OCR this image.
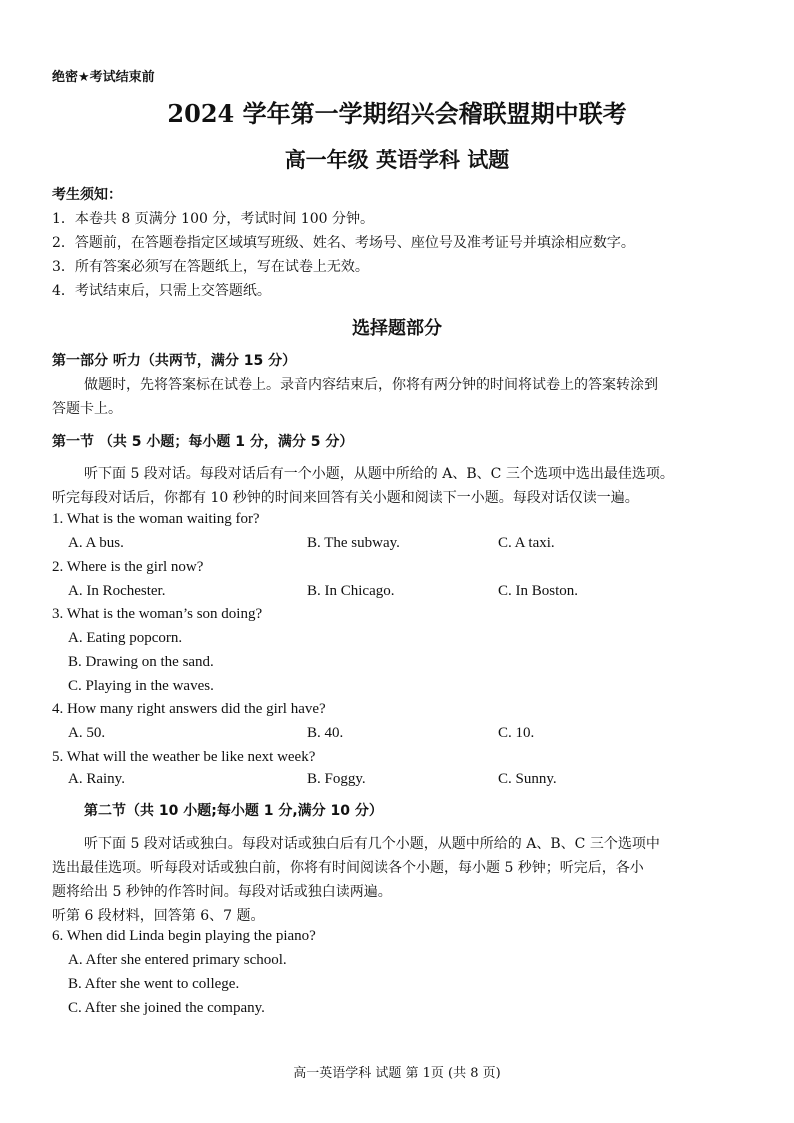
绝密★考试结束前
2024 学年第一学期绍兴会稽联盟期中联考
高一年级 英语学科 试题
考生须知：
1．本卷共 8 页满分 100 分，考试时间 100 分钟。
2．答题前，在答题卷指定区域填写班级、姓名、考场号、座位号及准考证号并填涂相应数字。
3．所有答案必须写在答题纸上，写在试卷上无效。
4．考试结束后，只需上交答题纸。
选择题部分
第一部分 听力（共两节，满分 15 分）
做题时，先将答案标在试卷上。录音内容结束后，你将有两分钟的时间将试卷上的答案转涂到
答题卡上。
第一节 （共 5 小题；每小题 1 分，满分 5 分）
听下面 5 段对话。每段对话后有一个小题，从题中所给的 A、B、C 三个选项中选出最佳选项。
听完每段对话后，你都有 10 秒钟的时间来回答有关小题和阅读下一小题。每段对话仅读一遍。
1. What is the woman waiting for?
A. A bus.	B. The subway.	C. A taxi.
2. Where is the girl now?
A. In Rochester.	B. In Chicago.	C. In Boston.
3. What is the woman’s son doing?
A. Eating popcorn.
B. Drawing on the sand.
C. Playing in the waves.
4. How many right answers did the girl have?
A. 50.	B. 40.	C. 10.
5. What will the weather be like next week?
A. Rainy.	B. Foggy.	C. Sunny.
第二节（共 10 小题;每小题 1 分,满分 10 分）
听下面 5 段对话或独白。每段对话或独白后有几个小题，从题中所给的 A、B、C 三个选项中
选出最佳选项。听每段对话或独白前，你将有时间阅读各个小题，每小题 5 秒钟；听完后，各小
题将给出 5 秒钟的作答时间。每段对话或独白读两遍。
听第 6 段材料，回答第 6、7 题。
6. When did Linda begin playing the piano?
A. After she entered primary school.
B. After she went to college.
C. After she joined the company.
高一英语学科 试题 第 1页 (共 8 页)
